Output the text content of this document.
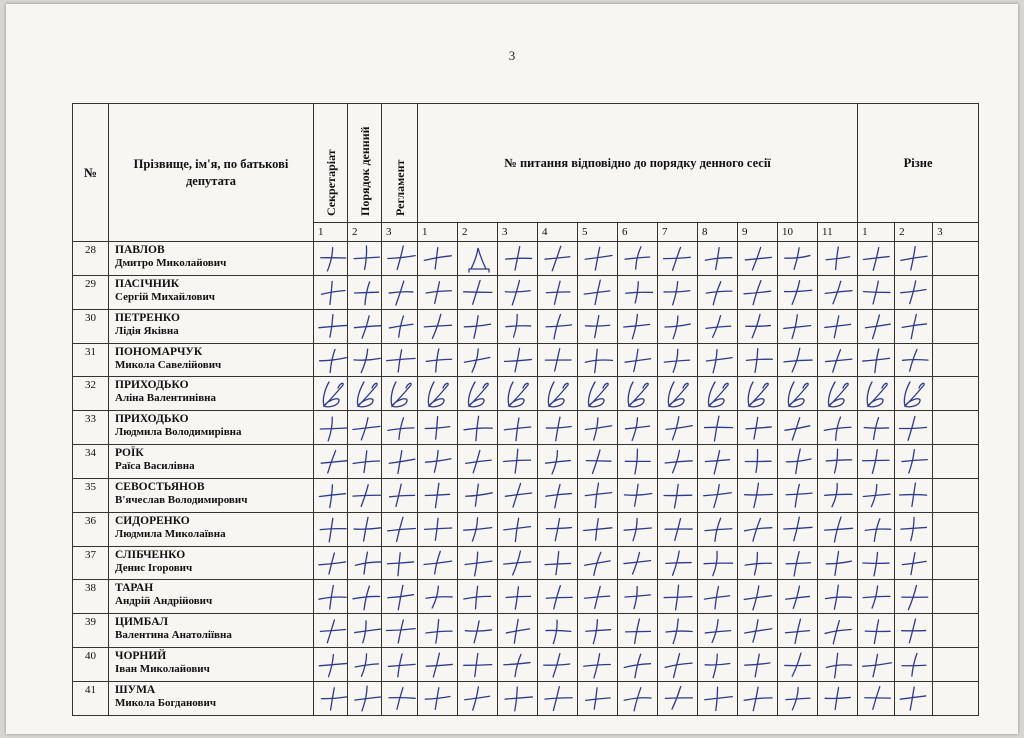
3
№	Прізвище, ім'я, по батькові депутата	Секретаріат	Порядок денний	Регламент	№ питання відповідно до порядку денного сесії											Різне		
		1	2	3	1	2	3	4	5	6	7	8	9	10	11	1	2	3
28	ПАВЛОВ
Дмитро Миколайович

29	ПАСІЧНИК
Сергій Михайлович

30	ПЕТРЕНКО
Лідія Яківна

31	ПОНОМАРЧУК
Микола Савелійович

32	ПРИХОДЬКО
Аліна Валентинівна

33	ПРИХОДЬКО
Людмила Володимирівна

34	РОЇК
Раїса Василівна

35	СЕВОСТЬЯНОВ
В'ячеслав Володимирович

36	СИДОРЕНКО
Людмила Миколаївна

37	СЛІБЧЕНКО
Денис Ігорович

38	ТАРАН
Андрій Андрійович

39	ЦИМБАЛ
Валентина Анатоліївна

40	ЧОРНИЙ
Іван Миколайович

41	ШУМА
Микола Богданович
